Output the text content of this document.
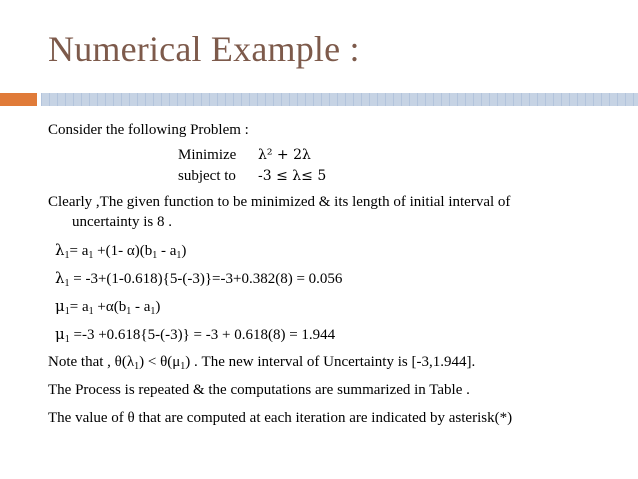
Numerical Example :
Consider the following Problem :
Minimize λ² + 2λ
subject to -3 ≤ λ≤ 5
Clearly ,The given function to be minimized & its length of initial interval of
uncertainty is 8 .
$\lambda_1= a_1 +(1-$ $\alpha)(b_1 - a_1)$
$\lambda_1 = -3+(1-0.618)\{5-(-3)\}=-3+0.382(8) = 0.056$
$\mu_1= a_1 +\alpha(b_1 - a_1)$
$\mu_1 =-3 +0.618\{5-(-3)\} = -3 + 0.618(8) = 1.944$
Note that , $\theta(\lambda_1) < \theta(\mu_1)$ . The new interval of Uncertainty is [-3,1.944].
The Process is repeated & the computations are summarized in Table .
The value of θ that are computed at each iteration are indicated by asterisk(*)
